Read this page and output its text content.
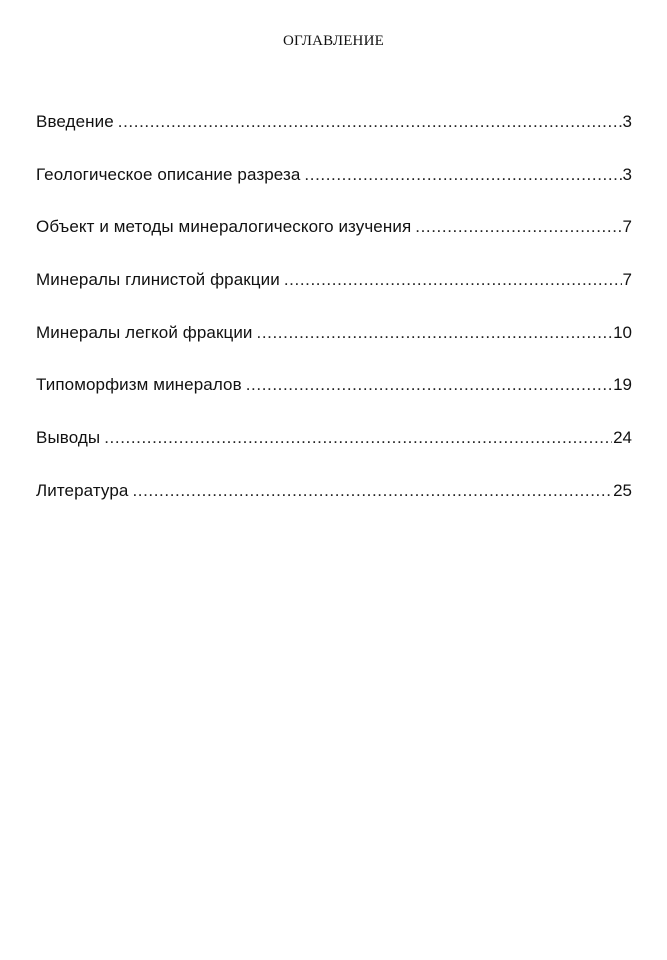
ОГЛАВЛЕНИЕ
Введение .....	3
Геологическое описание разреза .....	3
Объект и методы минералогического изучения .....	7
Минералы глинистой фракции .....	7
Минералы легкой фракции .....	10
Типоморфизм минералов .....	19
Выводы .....	24
Литература .....	25
